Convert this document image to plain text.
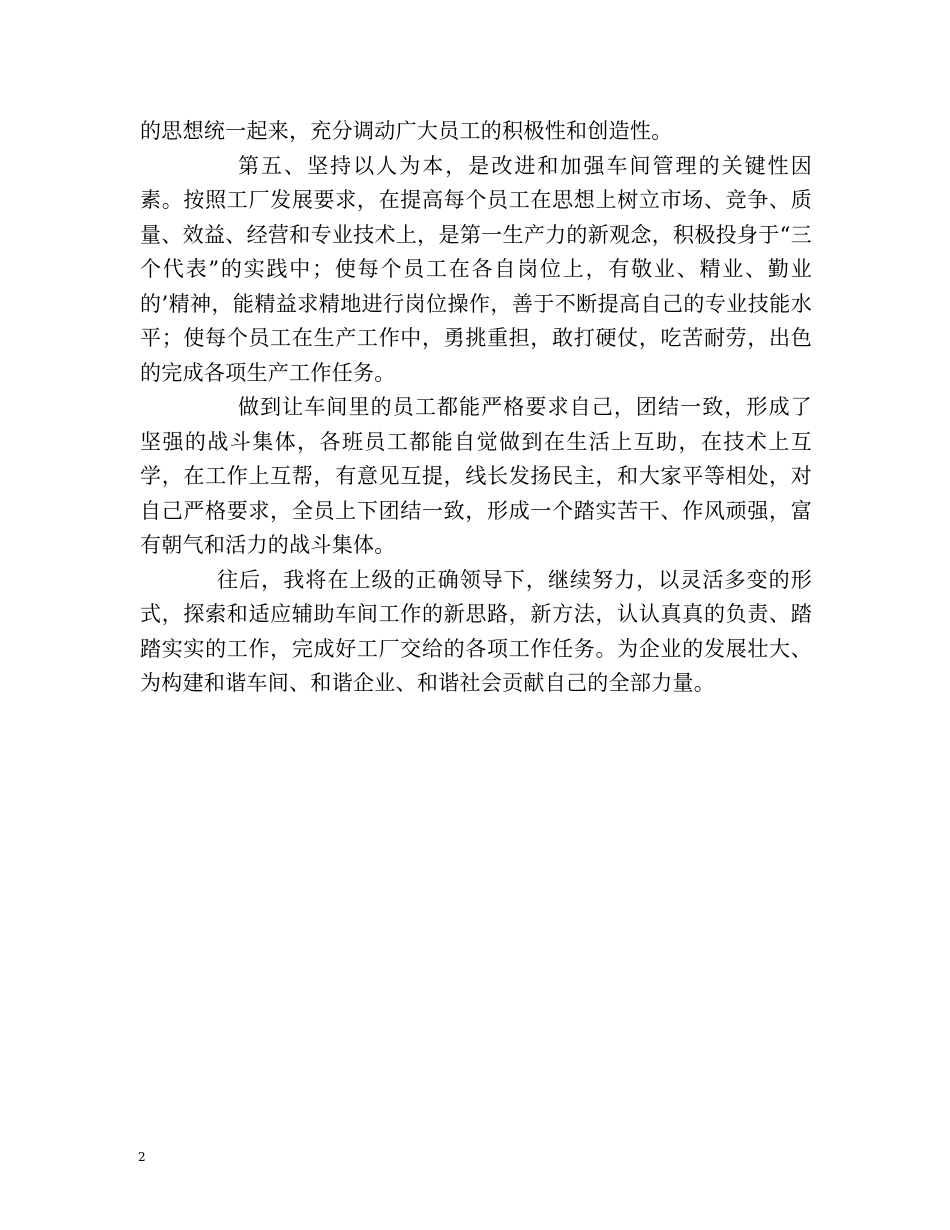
的思想统一起来，充分调动广大员工的积极性和创造性。

第五、坚持以人为本，是改进和加强车间管理的关键性因素。按照工厂发展要求，在提高每个员工在思想上树立市场、竞争、质量、效益、经营和专业技术上，是第一生产力的新观念，积极投身于“三个代表”的实践中；使每个员工在各自岗位上，有敬业、精业、勤业的’精神，能精益求精地进行岗位操作，善于不断提高自己的专业技能水平；使每个员工在生产工作中，勇挑重担，敢打硬仗，吃苦耐劳，出色的完成各项生产工作任务。

做到让车间里的员工都能严格要求自己，团结一致，形成了坚强的战斗集体，各班员工都能自觉做到在生活上互助，在技术上互学，在工作上互帮，有意见互提，线长发扬民主，和大家平等相处，对自己严格要求，全员上下团结一致，形成一个踏实苦干、作风顽强，富有朝气和活力的战斗集体。

往后，我将在上级的正确领导下，继续努力，以灵活多变的形式，探索和适应辅助车间工作的新思路，新方法，认认真真的负责、踏踏实实的工作，完成好工厂交给的各项工作任务。为企业的发展壮大、为构建和谐车间、和谐企业、和谐社会贡献自己的全部力量。

2
